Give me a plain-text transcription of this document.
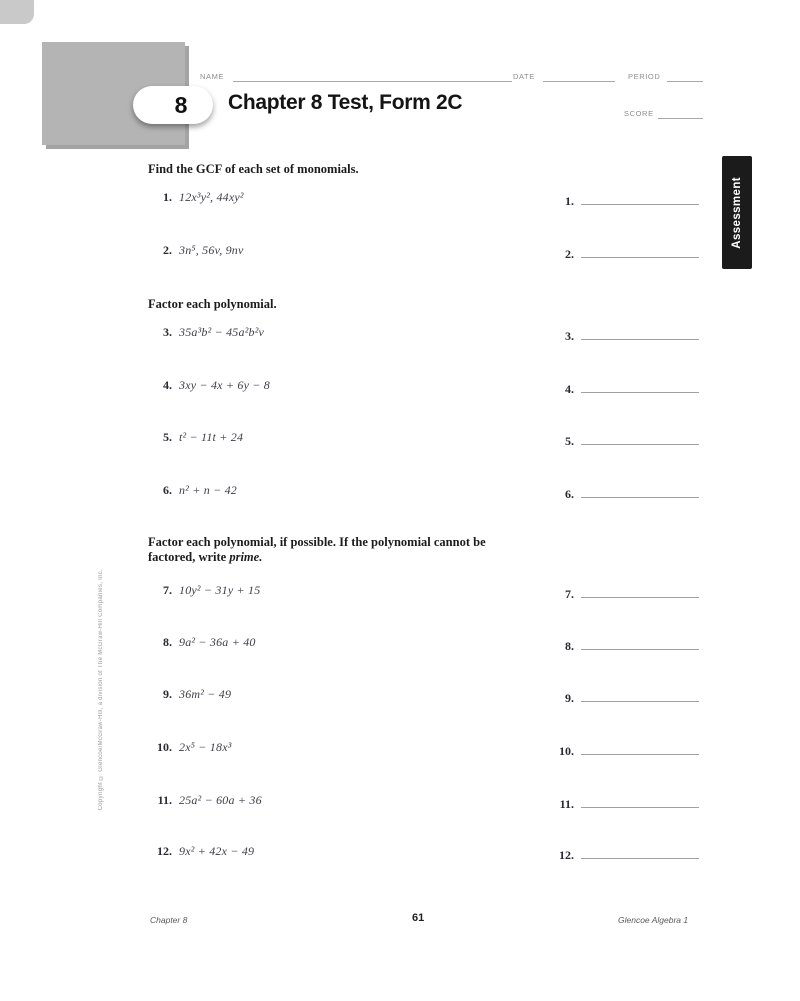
NAME	DATE	PERIOD
SCORE
8	Chapter 8 Test, Form 2C
Assessment
Copyright © Glencoe/McGraw-Hill, a division of The McGraw-Hill Companies, Inc.
Find the GCF of each set of monomials.
1. 12x³y², 44xy²
2. 3n⁵, 56v, 9nv
Factor each polynomial.
3. 35a³b² − 45a²b²v
4. 3xy − 4x + 6y − 8
5. t² − 11t + 24
6. n² + n − 42
Factor each polynomial, if possible. If the polynomial cannot be factored, write prime.
7. 10y² − 31y + 15
8. 9a² − 36a + 40
9. 36m² − 49
10. 2x⁵ − 18x³
11. 25a² − 60a + 36
12. 9x² + 42x − 49
1.
2.
3.
4.
5.
6.
7.
8.
9.
10.
11.
12.
Chapter 8	61	Glencoe Algebra 1
